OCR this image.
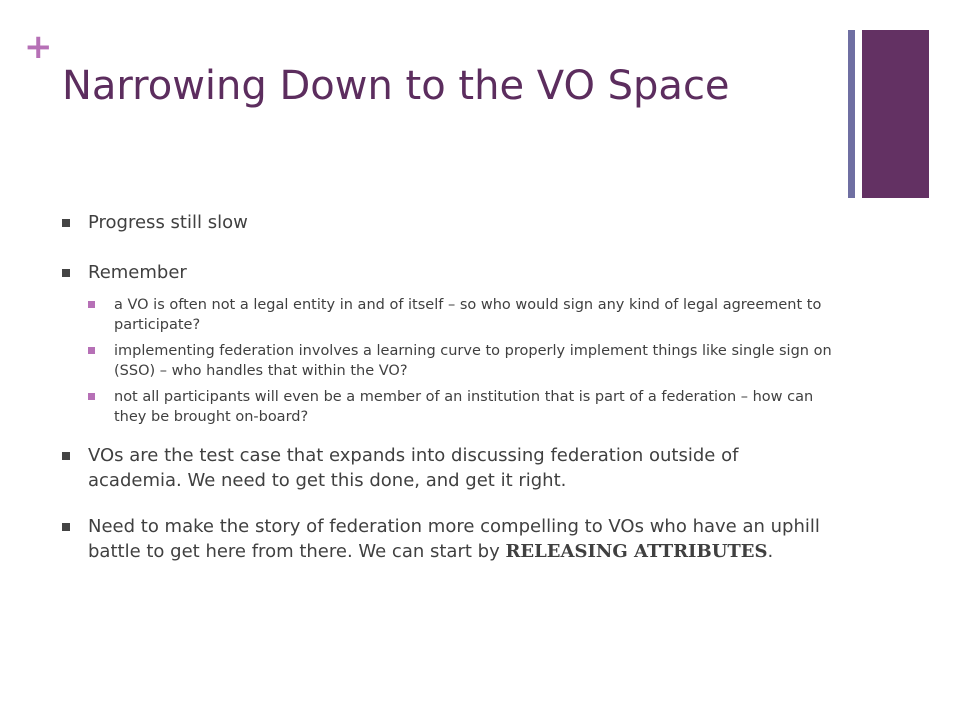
+
Narrowing Down to the VO Space
Progress still slow
Remember
a VO is often not a legal entity in and of itself – so who would sign any kind of legal agreement to participate?
implementing federation involves a learning curve to properly implement things like single sign on (SSO) – who handles that within the VO?
not all participants will even be a member of an institution that is part of a federation – how can they be brought on-board?
VOs are the test case that expands into discussing federation outside of academia. We need to get this done, and get it right.
Need to make the story of federation more compelling to VOs who have an uphill battle to get here from there. We can start by RELEASING ATTRIBUTES.
